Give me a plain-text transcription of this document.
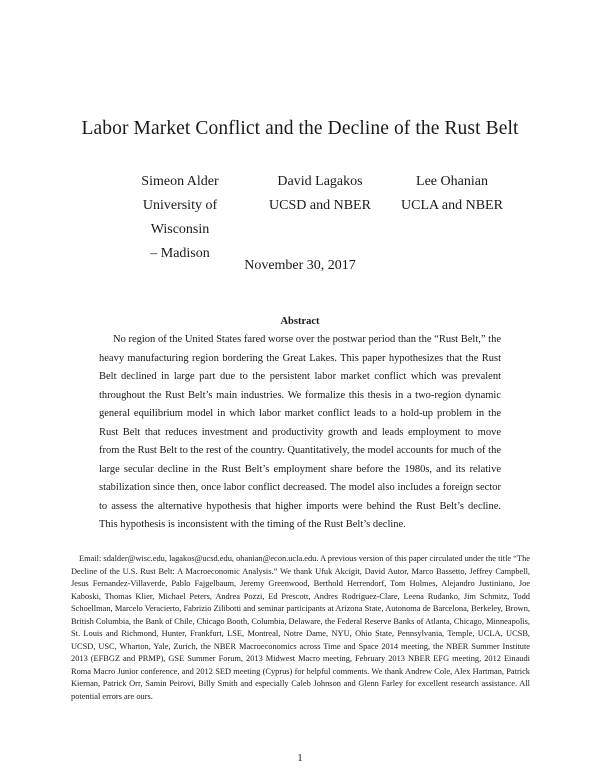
Labor Market Conflict and the Decline of the Rust Belt
Simeon Alder
University of Wisconsin
– Madison
David Lagakos
UCSD and NBER
Lee Ohanian
UCLA and NBER
November 30, 2017
Abstract

No region of the United States fared worse over the postwar period than the “Rust Belt,” the heavy manufacturing region bordering the Great Lakes. This paper hypothesizes that the Rust Belt declined in large part due to the persistent labor market conflict which was prevalent throughout the Rust Belt’s main industries. We formalize this thesis in a two-region dynamic general equilibrium model in which labor market conflict leads to a hold-up problem in the Rust Belt that reduces investment and productivity growth and leads employment to move from the Rust Belt to the rest of the country. Quantitatively, the model accounts for much of the large secular decline in the Rust Belt’s employment share before the 1980s, and its relative stabilization since then, once labor conflict decreased. The model also includes a foreign sector to assess the alternative hypothesis that higher imports were behind the Rust Belt’s decline. This hypothesis is inconsistent with the timing of the Rust Belt’s decline.

Email: sdalder@wisc.edu, lagakos@ucsd.edu, ohanian@econ.ucla.edu. A previous version of this paper circulated under the title “The Decline of the U.S. Rust Belt: A Macroeconomic Analysis.” We thank Ufuk Akcigit, David Autor, Marco Bassetto, Jeffrey Campbell, Jesus Fernandez-Villaverde, Pablo Fajgelbaum, Jeremy Greenwood, Berthold Herrendorf, Tom Holmes, Alejandro Justiniano, Joe Kaboski, Thomas Klier, Michael Peters, Andrea Pozzi, Ed Prescott, Andres Rodriguez-Clare, Leena Rudanko, Jim Schmitz, Todd Schoellman, Marcelo Veracierto, Fabrizio Zilibotti and seminar participants at Arizona State, Autonoma de Barcelona, Berkeley, Brown, British Columbia, the Bank of Chile, Chicago Booth, Columbia, Delaware, the Federal Reserve Banks of Atlanta, Chicago, Minneapolis, St. Louis and Richmond, Hunter, Frankfurt, LSE, Montreal, Notre Dame, NYU, Ohio State, Pennsylvania, Temple, UCLA, UCSB, UCSD, USC, Wharton, Yale, Zurich, the NBER Macroeconomics across Time and Space 2014 meeting, the NBER Summer Institute 2013 (EFBGZ and PRMP), GSE Summer Forum, 2013 Midwest Macro meeting, February 2013 NBER EFG meeting, 2012 Einaudi Roma Macro Junior conference, and 2012 SED meeting (Cyprus) for helpful comments. We thank Andrew Cole, Alex Hartman, Patrick Kiernan, Patrick Orr, Samin Peirovi, Billy Smith and especially Caleb Johnson and Glenn Farley for excellent research assistance. All potential errors are ours.

1
